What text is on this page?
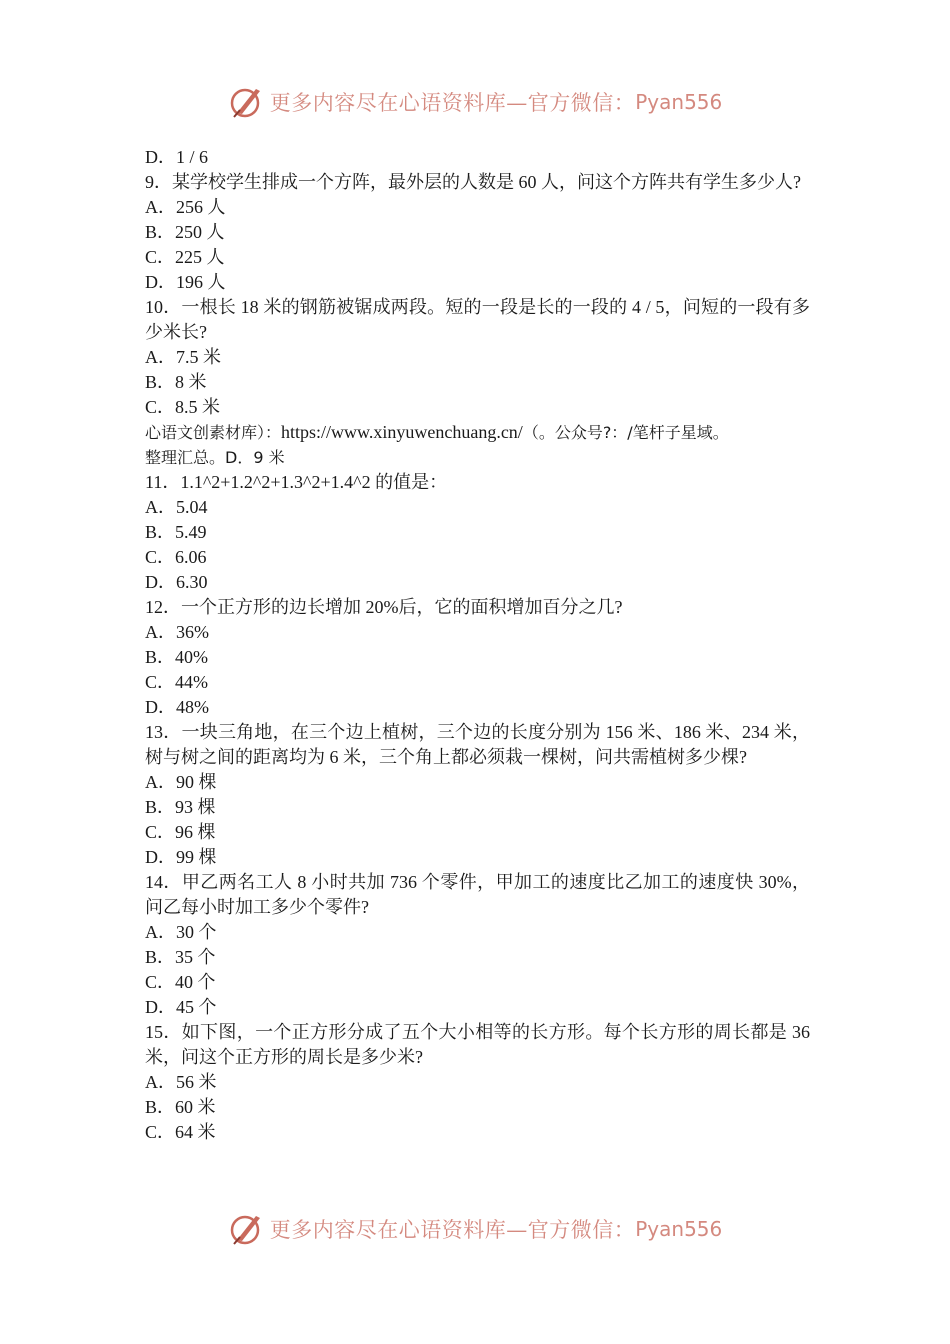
更多内容尽在心语资料库—官方微信： Pyan556
D．1 / 6
9．某学校学生排成一个方阵，最外层的人数是 60 人，问这个方阵共有学生多少人?
A．256 人
B．250 人
C．225 人
D．196 人
10．一根长 18 米的钢筋被锯成两段。短的一段是长的一段的 4 / 5，问短的一段有多少米长?
A．7.5 米
B．8 米
C．8.5 米
心语文创素材库）：https://www.xinyuwenchuang.cn/（。公众号?：/笔杆子星域。
整理汇总。D．9 米
11．1.1^2+1.2^2+1.3^2+1.4^2 的值是：
A．5.04
B．5.49
C．6.06
D．6.30
12．一个正方形的边长增加 20%后，它的面积增加百分之几?
A．36%
B．40%
C．44%
D．48%
13．一块三角地，在三个边上植树，三个边的长度分别为 156 米、186 米、234 米，树与树之间的距离均为 6 米，三个角上都必须栽一棵树，问共需植树多少棵?
A．90 棵
B．93 棵
C．96 棵
D．99 棵
14．甲乙两名工人 8 小时共加 736 个零件，甲加工的速度比乙加工的速度快 30%，问乙每小时加工多少个零件?
A．30 个
B．35 个
C．40 个
D．45 个
15．如下图，一个正方形分成了五个大小相等的长方形。每个长方形的周长都是 36 米，问这个正方形的周长是多少米?
A．56 米
B．60 米
C．64 米
更多内容尽在心语资料库—官方微信： Pyan556
